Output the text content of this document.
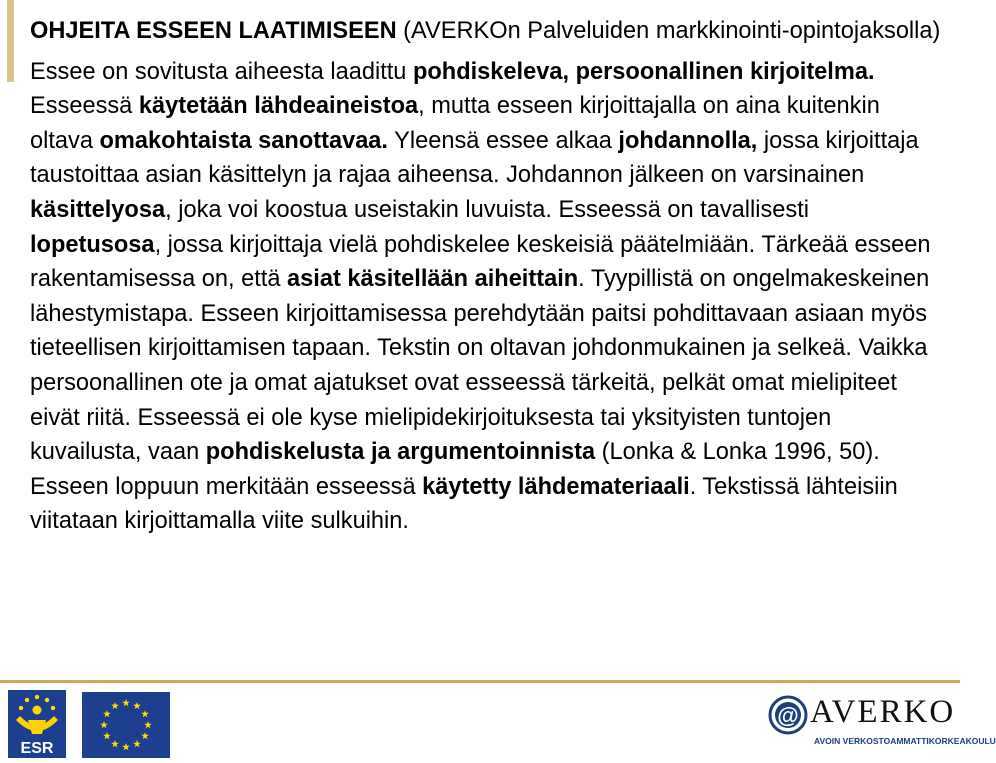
OHJEITA ESSEEN LAATIMISEEN (AVERKOn Palveluiden markkinointi-opintojaksolla)

Essee on sovitusta aiheesta laadittu pohdiskeleva, persoonallinen kirjoitelma. Esseessä käytetään lähdeaineistoa, mutta esseen kirjoittajalla on aina kuitenkin oltava omakohtaista sanottavaa. Yleensä essee alkaa johdannolla, jossa kirjoittaja taustoittaa asian käsittelyn ja rajaa aiheensa. Johdannon jälkeen on varsinainen käsittelyosa, joka voi koostua useistakin luvuista. Esseessä on tavallisesti lopetusosa, jossa kirjoittaja vielä pohdiskelee keskeisiä päätelmiään. Tärkeää esseen rakentamisessa on, että asiat käsitellään aiheittain. Tyypillistä on ongelmakeskeinen lähestymistapa. Esseen kirjoittamisessa perehdytään paitsi pohdittavaan asiaan myös tieteellisen kirjoittamisen tapaan. Tekstin on oltavan johdonmukainen ja selkeä. Vaikka persoonallinen ote ja omat ajatukset ovat esseessä tärkeitä, pelkät omat mielipiteet eivät riitä. Esseessä ei ole kyse mielipidekirjoituksesta tai yksityisten tuntojen kuvailusta, vaan pohdiskelusta ja argumentoinnista (Lonka & Lonka 1996, 50). Esseen loppuun merkitään esseessä käytetty lähdemateriaali. Tekstissä lähteisiin viitataan kirjoittamalla viite sulkuihin.

ESR
@ AVERKO
AVOIN VERKOSTOAMMATTIKORKEAKOULU
